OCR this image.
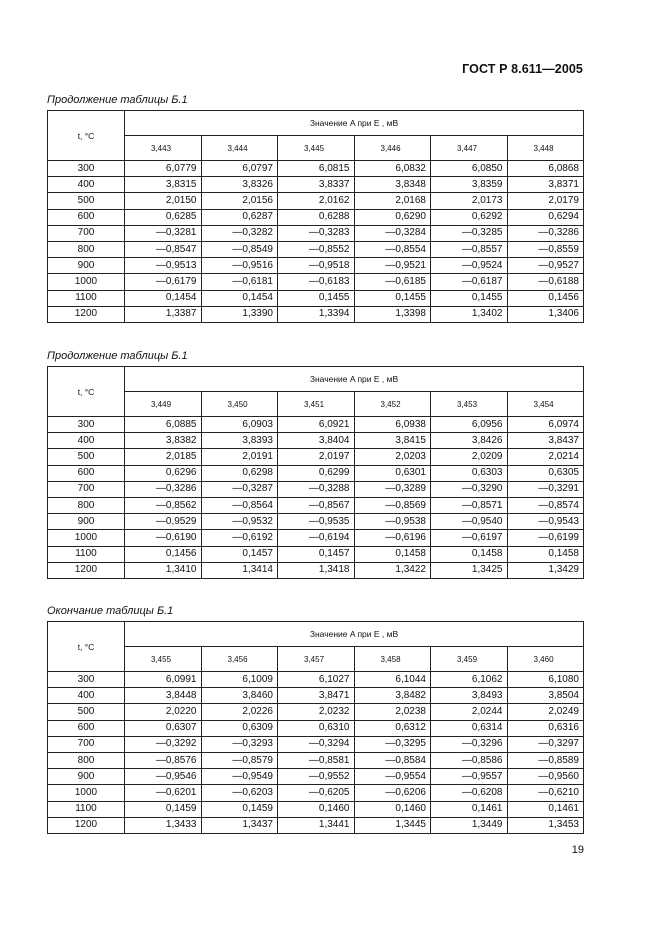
ГОСТ Р 8.611—2005
Продолжение таблицы Б.1
t, °C	Значение A при E , мВ					
	3,443	3,444	3,445	3,446	3,447	3,448
300	6,0779	6,0797	6,0815	6,0832	6,0850	6,0868
400	3,8315	3,8326	3,8337	3,8348	3,8359	3,8371
500	2,0150	2,0156	2,0162	2,0168	2,0173	2,0179
600	0,6285	0,6287	0,6288	0,6290	0,6292	0,6294
700	—0,3281	—0,3282	—0,3283	—0,3284	—0,3285	—0,3286
800	—0,8547	—0,8549	—0,8552	—0,8554	—0,8557	—0,8559
900	—0,9513	—0,9516	—0,9518	—0,9521	—0,9524	—0,9527
1000	—0,6179	—0,6181	—0,6183	—0,6185	—0,6187	—0,6188
1100	0,1454	0,1454	0,1455	0,1455	0,1455	0,1456
1200	1,3387	1,3390	1,3394	1,3398	1,3402	1,3406
Продолжение таблицы Б.1
t, °C	Значение A при E , мВ					
	3,449	3,450	3,451	3,452	3,453	3,454
300	6,0885	6,0903	6,0921	6,0938	6,0956	6,0974
400	3,8382	3,8393	3,8404	3,8415	3,8426	3,8437
500	2,0185	2,0191	2,0197	2,0203	2,0209	2,0214
600	0,6296	0,6298	0,6299	0,6301	0,6303	0,6305
700	—0,3286	—0,3287	—0,3288	—0,3289	—0,3290	—0,3291
800	—0,8562	—0,8564	—0,8567	—0,8569	—0,8571	—0,8574
900	—0,9529	—0,9532	—0,9535	—0,9538	—0,9540	—0,9543
1000	—0,6190	—0,6192	—0,6194	—0,6196	—0,6197	—0,6199
1100	0,1456	0,1457	0,1457	0,1458	0,1458	0,1458
1200	1,3410	1,3414	1,3418	1,3422	1,3425	1,3429
Окончание таблицы Б.1
t, °C	Значение A при E , мВ					
	3,455	3,456	3,457	3,458	3,459	3,460
300	6,0991	6,1009	6,1027	6,1044	6,1062	6,1080
400	3,8448	3,8460	3,8471	3,8482	3,8493	3,8504
500	2,0220	2,0226	2,0232	2,0238	2,0244	2,0249
600	0,6307	0,6309	0,6310	0,6312	0,6314	0,6316
700	—0,3292	—0,3293	—0,3294	—0,3295	—0,3296	—0,3297
800	—0,8576	—0,8579	—0,8581	—0,8584	—0,8586	—0,8589
900	—0,9546	—0,9549	—0,9552	—0,9554	—0,9557	—0,9560
1000	—0,6201	—0,6203	—0,6205	—0,6206	—0,6208	—0,6210
1100	0,1459	0,1459	0,1460	0,1460	0,1461	0,1461
1200	1,3433	1,3437	1,3441	1,3445	1,3449	1,3453
19
